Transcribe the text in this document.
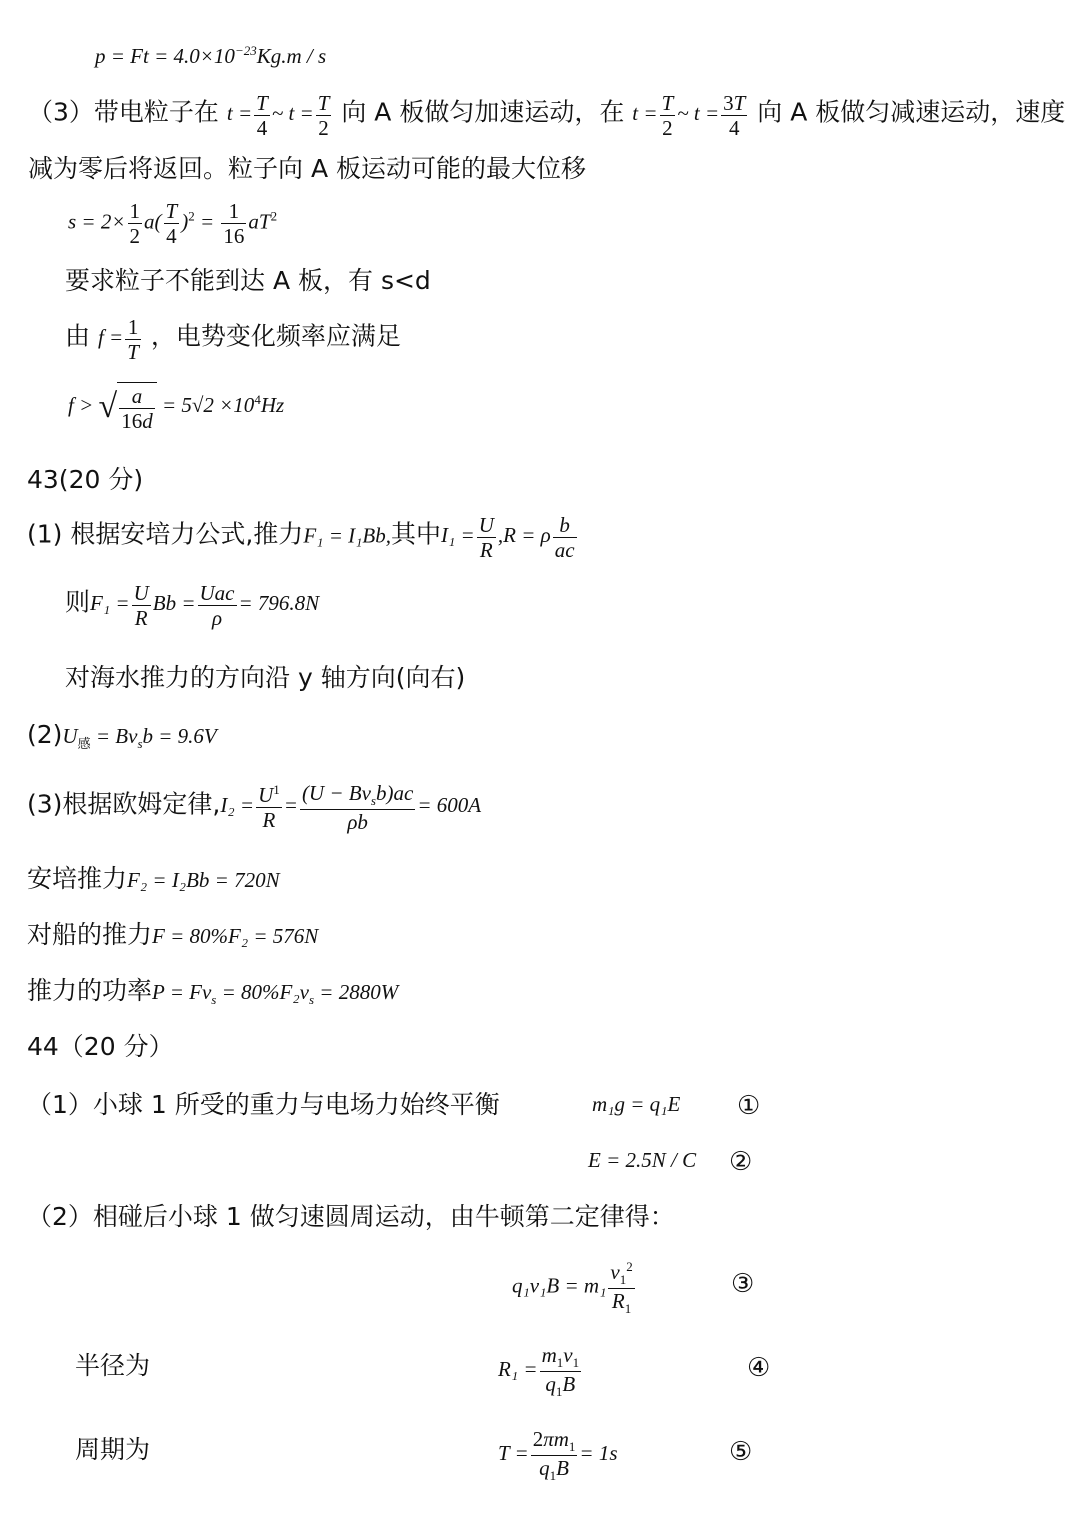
$p = Ft = 4.0\times 10^{-23}Kg.m / s$
（3）带电粒子在 $t = \frac{T}{4}$ ~ $t = \frac{T}{2}$ 向 A 板做匀加速运动，在 $t = \frac{T}{2}$ ~ $t = \frac{3T}{4}$ 向 A 板做匀减速运动，速度
减为零后将返回。粒子向 A 板运动可能的最大位移
$s = 2\times \frac{1}{2} a( \frac{T}{4} )^2 = \frac{1}{16} aT^2$
要求粒子不能到达 A 板，有 s<d
由 $f = \frac{1}{T}$ ，电势变化频率应满足
f > √ $\frac{a}{16d} = 5√2 \times 10^4Hz$
43(20 分)
(1) 根据安培力公式,推力F₁ = I₁Bb,其中$I_1 = \frac{U}{R} ,R = \rho \frac{b}{ac}$
则$F_1 = \frac{U}{R}$ $Bb = \frac{\text{Uac}}{\rho} = 796.8N$
对海水推力的方向沿 y 轴方向(向右)
$(2)U_感 = Bv_sb = 9.6V$
(3)根据欧姆定律$,I_2 = \frac{U^1}{R} = \frac{(U - Bv_sb)ac}{\rho b} = 600A$
安培推力F₂ = I₂Bb = 720N
对船的推力F = 80%F₂ = 576N
推力的功率$P = Fv_s = 80\%F_2v_s = 2880W$
44（20 分）
（1）小球 1 所受的重力与电场力始终平衡	m₁g = q₁E ①
E = 2.5N / C ②
（2）相碰后小球 1 做匀速圆周运动，由牛顿第二定律得：
$q_1v_1B = m_1 \frac{v_1^2}{R_1}$	③
半径为	$R_1 = \frac{m_1v_1}{q_1B}$	④
周期为	$T = \frac{2\pi m_1}{q_1B} = 1s$	⑤
